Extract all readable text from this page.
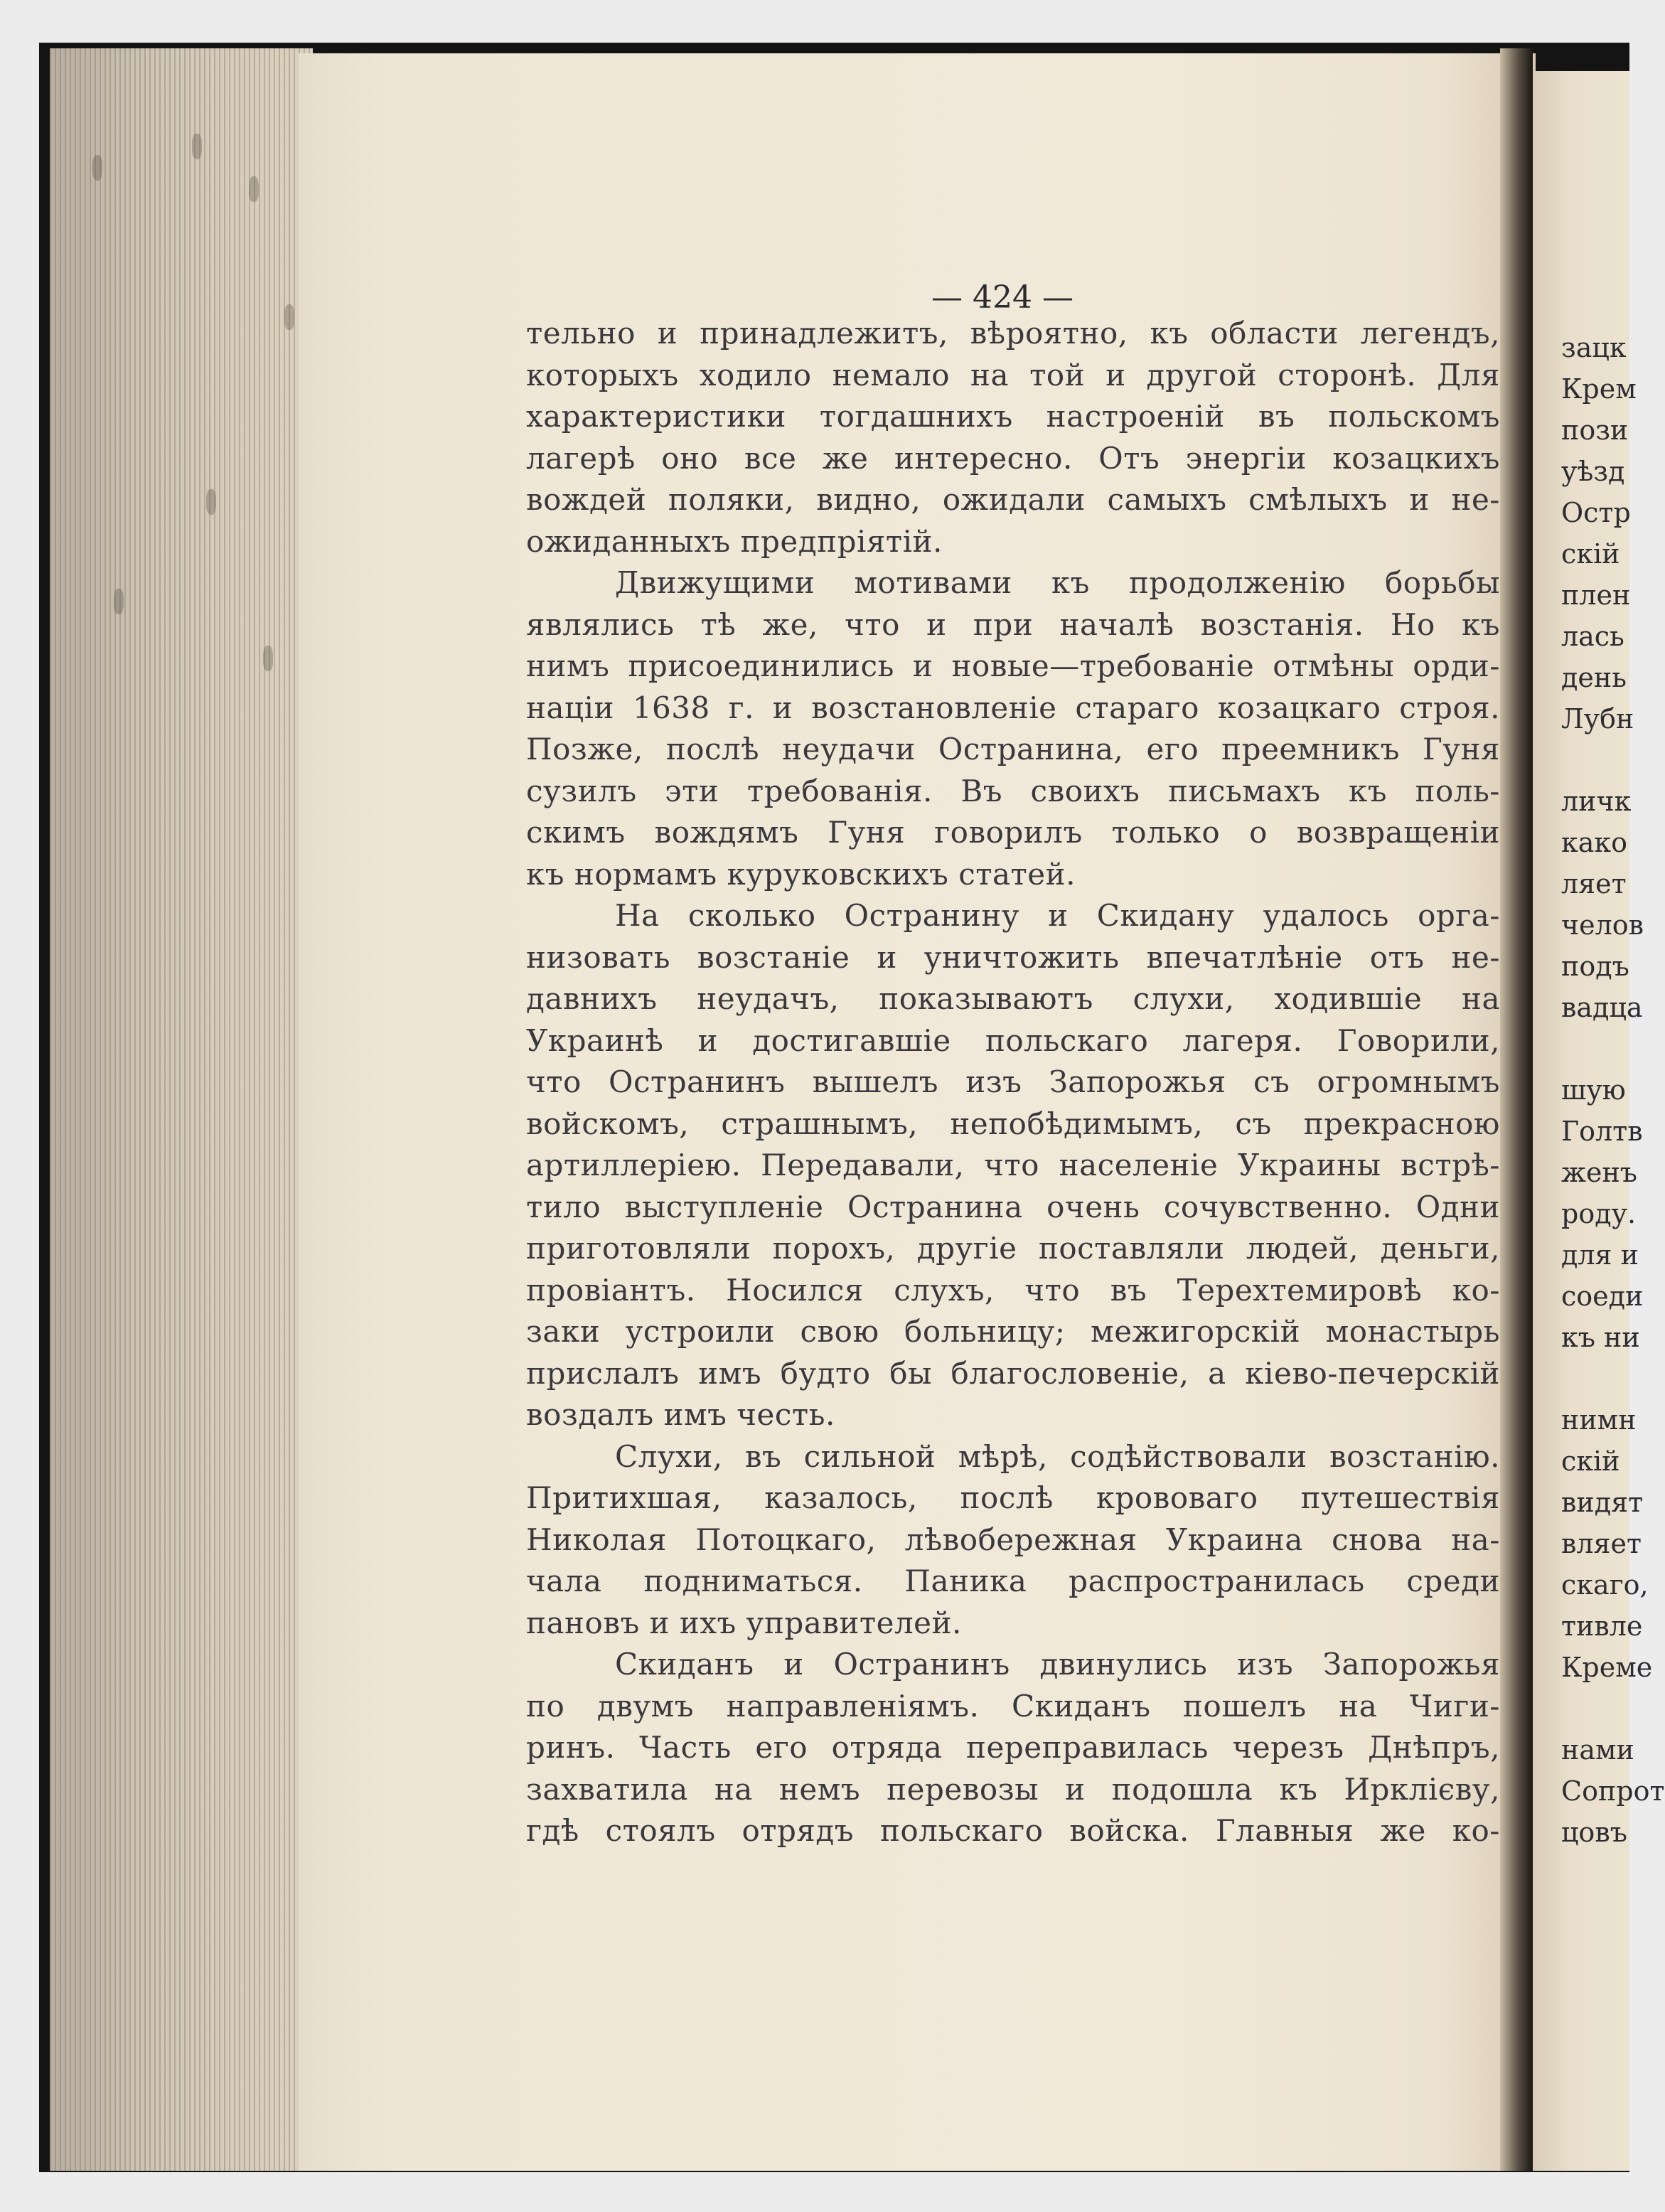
— 424 —
тельно и принадлежитъ, вѣроятно, къ области легендъ,
которыхъ ходило немало на той и другой сторонѣ. Для
характеристики тогдашнихъ настроеній въ польскомъ
лагерѣ оно все же интересно. Отъ энергіи козацкихъ
вождей поляки, видно, ожидали самыхъ смѣлыхъ и не-
ожиданныхъ предпріятій.
Движущими мотивами къ продолженію борьбы
являлись тѣ же, что и при началѣ возстанія. Но къ
нимъ присоединились и новые—требованіе отмѣны орди-
націи 1638 г. и возстановленіе стараго козацкаго строя.
Позже, послѣ неудачи Остранина, его преемникъ Гуня
сузилъ эти требованія. Въ своихъ письмахъ къ поль-
скимъ вождямъ Гуня говорилъ только о возвращеніи
къ нормамъ куруковскихъ статей.
На сколько Остранину и Скидану удалось орга-
низовать возстаніе и уничтожить впечатлѣніе отъ не-
давнихъ неудачъ, показываютъ слухи, ходившіе на
Украинѣ и достигавшіе польскаго лагеря. Говорили,
что Остранинъ вышелъ изъ Запорожья съ огромнымъ
войскомъ, страшнымъ, непобѣдимымъ, съ прекрасною
артиллеріею. Передавали, что населеніе Украины встрѣ-
тило выступленіе Остранина очень сочувственно. Одни
приготовляли порохъ, другіе поставляли людей, деньги,
провіантъ. Носился слухъ, что въ Терехтемировѣ ко-
заки устроили свою больницу; межигорскій монастырь
прислалъ имъ будто бы благословеніе, а кіево-печерскій
воздалъ имъ честь.
Слухи, въ сильной мѣрѣ, содѣйствовали возстанію.
Притихшая, казалось, послѣ крововаго путешествія
Николая Потоцкаго, лѣвобережная Украина снова на-
чала подниматься. Паника распространилась среди
пановъ и ихъ управителей.
Скиданъ и Остранинъ двинулись изъ Запорожья
по двумъ направленіямъ. Скиданъ пошелъ на Чиги-
ринъ. Часть его отряда переправилась черезъ Днѣпръ,
захватила на немъ перевозы и подошла къ Ирклієву,
гдѣ стоялъ отрядъ польскаго войска. Главныя же ко-
зацк
Крем
пози
уѣзд
Остр
скій
плен
лась
день
Лубн
личк
како
ляет
челов
подъ
вадца
шую
Голтв
женъ
роду.
для и
соеди
къ ни
нимн
скій
видят
вляет
скаго,
тивле
Креме
нами
Сопрот
цовъ
